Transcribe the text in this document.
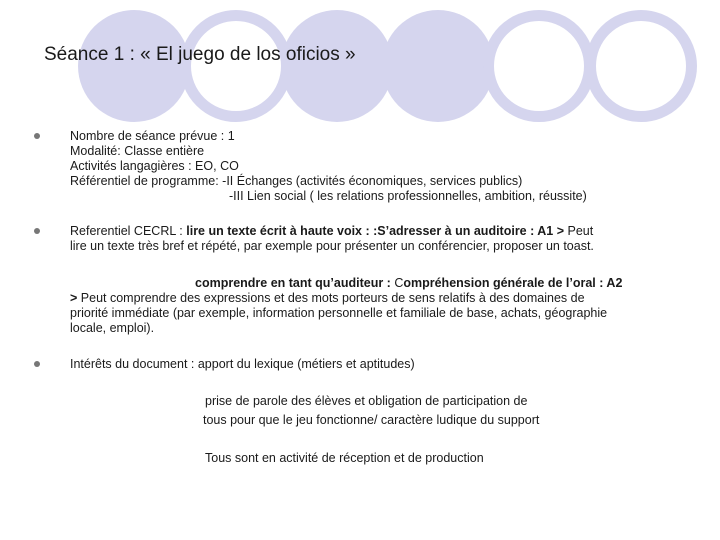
Séance 1 : « El juego de los oficios »
Nombre de séance prévue : 1
Modalité: Classe entière
Activités langagières : EO, CO
Référentiel de programme: -II Échanges (activités économiques, services publics)
-III Lien social ( les relations professionnelles, ambition, réussite)
Referentiel CECRL : lire un texte écrit à haute voix : :S’adresser à un auditoire : A1 > Peut
lire un texte très bref et répété, par exemple pour présenter un conférencier, proposer un toast.
comprendre en tant qu’auditeur : Compréhension générale de l’oral : A2
> Peut comprendre des expressions et des mots porteurs de sens relatifs à des domaines de
priorité immédiate (par exemple, information personnelle et familiale de base, achats, géographie
locale, emploi).
Intérêts du document : apport du lexique (métiers et aptitudes)
prise de parole des élèves et obligation de participation de
tous pour que le jeu fonctionne/ caractère ludique du support
Tous sont en activité de réception et de production
